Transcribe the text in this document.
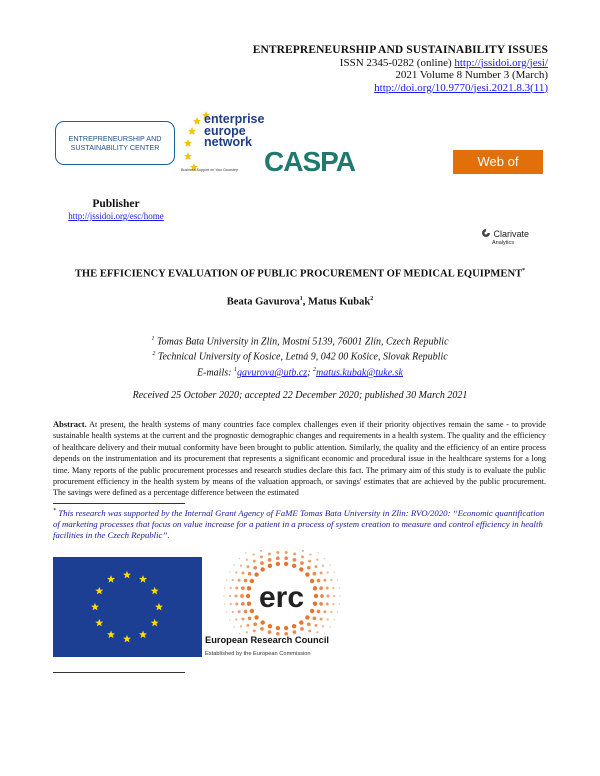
ENTREPRENEURSHIP AND SUSTAINABILITY ISSUES
ISSN 2345-0282 (online) http://jssidoi.org/jesi/
2021 Volume 8 Number 3 (March)
http://doi.org/10.9770/jesi.2021.8.3(11)
ENTREPRENEURSHIP AND
SUSTAINABILITY CENTER
enterprise
europe
network
Business Support on Your Doorstep CASPA	Web of Science
Publisher
http://jssidoi.org/esc/home
Clarivate
Analytics
THE EFFICIENCY EVALUATION OF PUBLIC PROCUREMENT OF MEDICAL EQUIPMENT*
Beata Gavurova$^1$, Matus Kubak$^2$
$^1$ Tomas Bata University in Zlin, Mostní 5139, 76001 Zlín, Czech Republic
$^2$ Technical University of Kosice, Letná 9, 042 00 Košice, Slovak Republic
E-mails: $^1$gavurova@utb.cz; $^2$matus.kubak@tuke.sk
Received 25 October 2020; accepted 22 December 2020; published 30 March 2021
Abstract. At present, the health systems of many countries face complex challenges even if their priority objectives remain the same - to provide sustainable health systems at the current and the prognostic demographic changes and requirements in a health system. The quality and the efficiency of healthcare delivery and their mutual conformity have been brought to public attention. Similarly, the quality and the efficiency of an entire process depends on the instrumentation and its procurement that represents a significant economic and procedural issue in the healthcare systems for a long time. Many reports of the public procurement processes and research studies declare this fact. The primary aim of this study is to evaluate the public procurement efficiency in the health system by means of the valuation approach, or savings' estimates that are achieved by the public procurement. The savings were defined as a percentage difference between the estimated
* This research was supported by the Internal Grant Agency of FaME Tomas Bata University in Zlin: RVO/2020: “Economic quantification of marketing processes that focus on value increase for a patient in a process of system creation to measure and control efficiency in health facilities in the Czech Republic”.
erc
European Research Council
Established by the European Commission
